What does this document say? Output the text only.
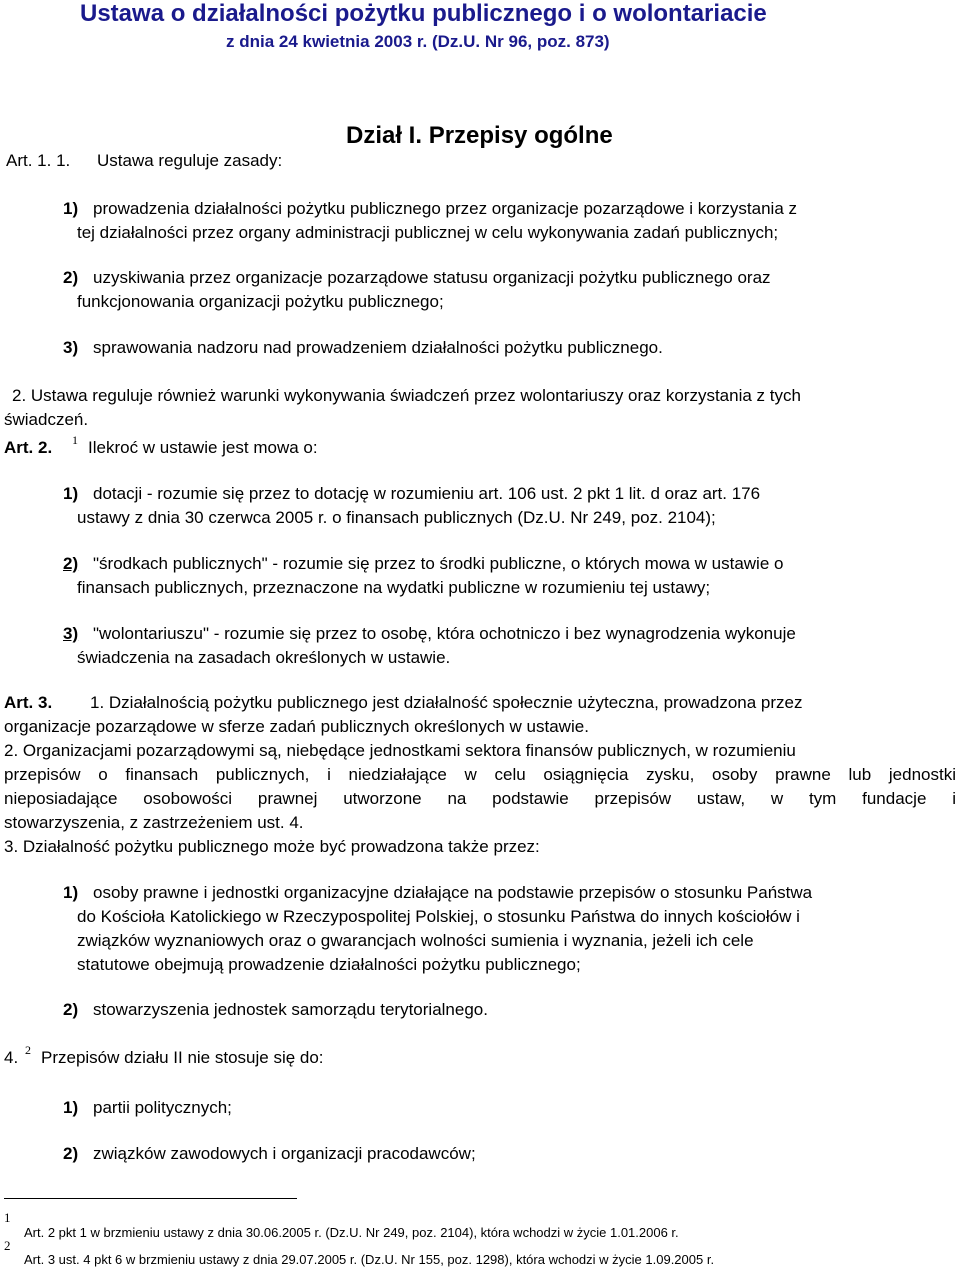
Ustawa o działalności pożytku publicznego i o wolontariacie
z dnia 24 kwietnia 2003 r. (Dz.U. Nr 96, poz. 873)
Art. 1. 1. Ustawa reguluje zasady:
Dział I. Przepisy ogólne
1) prowadzenia działalności pożytku publicznego przez organizacje pozarządowe i korzystania z
tej działalności przez organy administracji publicznej w celu wykonywania zadań publicznych;
2) uzyskiwania przez organizacje pozarządowe statusu organizacji pożytku publicznego oraz
funkcjonowania organizacji pożytku publicznego;
3) sprawowania nadzoru nad prowadzeniem działalności pożytku publicznego.
2. Ustawa reguluje również warunki wykonywania świadczeń przez wolontariuszy oraz korzystania z tych
świadczeń.
Art. 2. $^1$ Ilekroć w ustawie jest mowa o:
1) dotacji - rozumie się przez to dotację w rozumieniu art. 106 ust. 2 pkt 1 lit. d oraz art. 176
ustawy z dnia 30 czerwca 2005 r. o finansach publicznych (Dz.U. Nr 249, poz. 2104);
2) "środkach publicznych" - rozumie się przez to środki publiczne, o których mowa w ustawie o
finansach publicznych, przeznaczone na wydatki publiczne w rozumieniu tej ustawy;
3) "wolontariuszu" - rozumie się przez to osobę, która ochotniczo i bez wynagrodzenia wykonuje
świadczenia na zasadach określonych w ustawie.
Art. 3. 1. Działalnością pożytku publicznego jest działalność społecznie użyteczna, prowadzona przez
organizacje pozarządowe w sferze zadań publicznych określonych w ustawie.
2. Organizacjami pozarządowymi są, niebędące jednostkami sektora finansów publicznych, w rozumieniu
przepisów o finansach publicznych, i niedziałające w celu osiągnięcia zysku, osoby prawne lub jednostki
nieposiadające osobowości prawnej utworzone na podstawie przepisów ustaw, w tym fundacje i
stowarzyszenia, z zastrzeżeniem ust. 4.
3. Działalność pożytku publicznego może być prowadzona także przez:
1) osoby prawne i jednostki organizacyjne działające na podstawie przepisów o stosunku Państwa
do Kościoła Katolickiego w Rzeczypospolitej Polskiej, o stosunku Państwa do innych kościołów i
związków wyznaniowych oraz o gwarancjach wolności sumienia i wyznania, jeżeli ich cele
statutowe obejmują prowadzenie działalności pożytku publicznego;
2) stowarzyszenia jednostek samorządu terytorialnego.
4. $^2$ Przepisów działu II nie stosuje się do:
1) partii politycznych;
2) związków zawodowych i organizacji pracodawców;
1
Art. 2 pkt 1 w brzmieniu ustawy z dnia 30.06.2005 r. (Dz.U. Nr 249, poz. 2104), która wchodzi w życie 1.01.2006 r.
2
Art. 3 ust. 4 pkt 6 w brzmieniu ustawy z dnia 29.07.2005 r. (Dz.U. Nr 155, poz. 1298), która wchodzi w życie 1.09.2005 r.
